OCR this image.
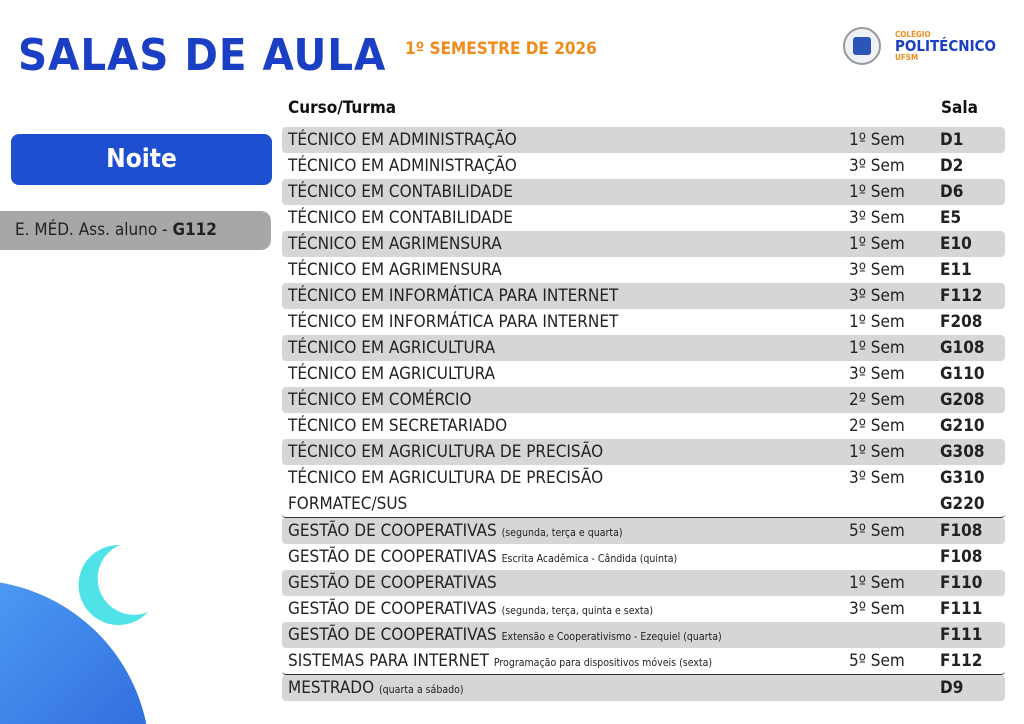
SALAS DE AULA 1º SEMESTRE DE 2026
COLÉGIO
POLITÉCNICO
UFSM
Noite
E. MÉD. Ass. aluno - G112
Curso/Turma	Sala
TÉCNICO EM ADMINISTRAÇÃO	1º Sem D1
TÉCNICO EM ADMINISTRAÇÃO	3º Sem D2
TÉCNICO EM CONTABILIDADE	1º Sem D6
TÉCNICO EM CONTABILIDADE	3º Sem E5
TÉCNICO EM AGRIMENSURA	1º Sem E10
TÉCNICO EM AGRIMENSURA	3º Sem E11
TÉCNICO EM INFORMÁTICA PARA INTERNET	3º Sem F112
TÉCNICO EM INFORMÁTICA PARA INTERNET	1º Sem F208
TÉCNICO EM AGRICULTURA	1º Sem G108
TÉCNICO EM AGRICULTURA	3º Sem G110
TÉCNICO EM COMÉRCIO	2º Sem G208
TÉCNICO EM SECRETARIADO	2º Sem G210
TÉCNICO EM AGRICULTURA DE PRECISÃO	1º Sem G308
TÉCNICO EM AGRICULTURA DE PRECISÃO	3º Sem G310
FORMATEC/SUS	G220
GESTÃO DE COOPERATIVAS (segunda, terça e quarta)	5º Sem F108
GESTÃO DE COOPERATIVAS Escrita Acadêmica - Cândida (quinta)	F108
GESTÃO DE COOPERATIVAS	1º Sem F110
GESTÃO DE COOPERATIVAS (segunda, terça, quinta e sexta)	3º Sem F111
GESTÃO DE COOPERATIVAS Extensão e Cooperativismo - Ezequiel (quarta)	F111
SISTEMAS PARA INTERNET Programação para dispositivos móveis (sexta)	5º Sem F112
MESTRADO (quarta a sábado)	D9
